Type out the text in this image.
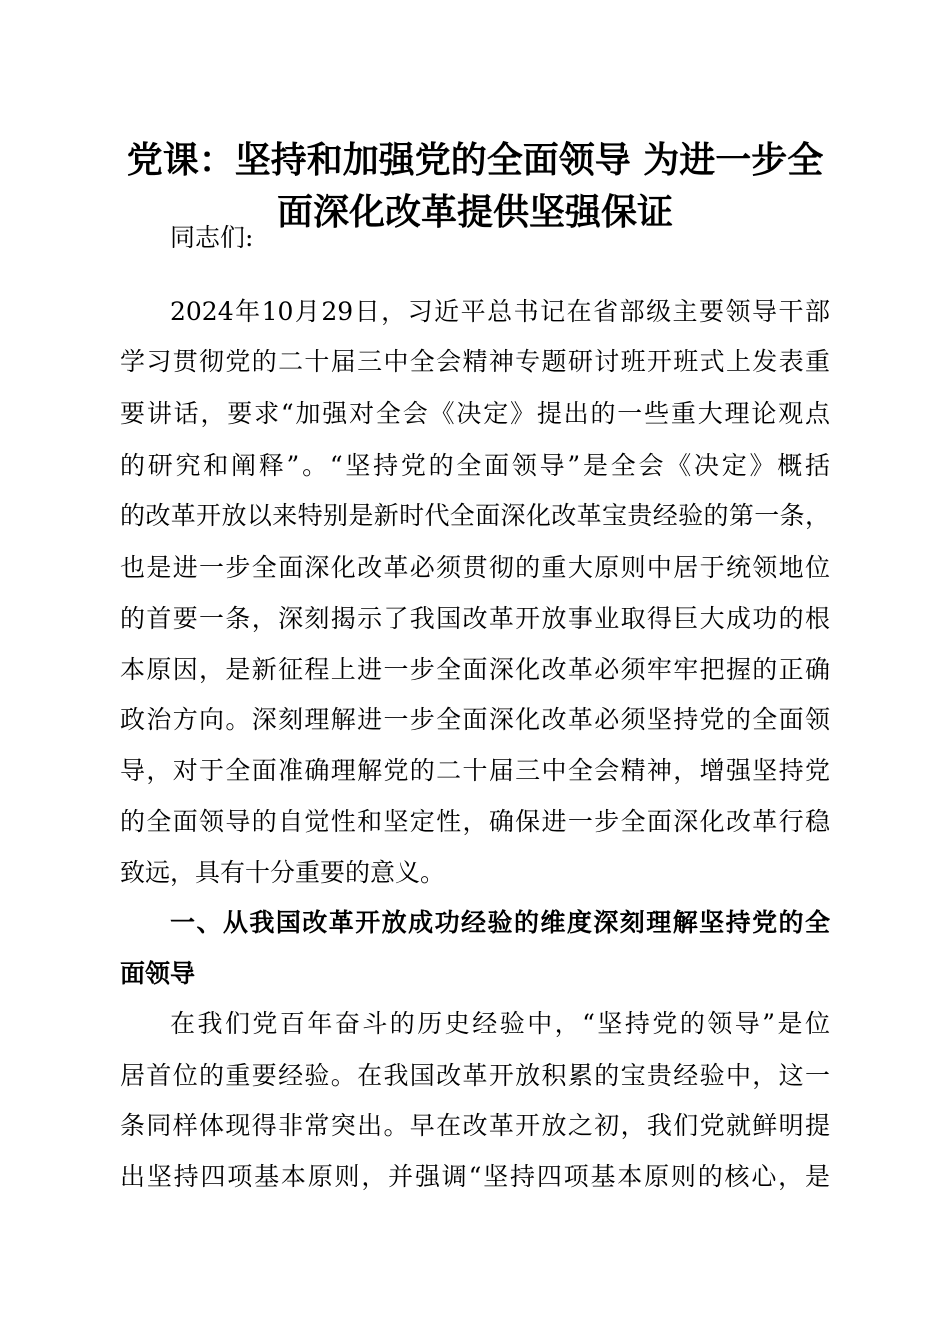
党课：坚持和加强党的全面领导 为进一步全
面深化改革提供坚强保证
同志们:
2024年10月29日，习近平总书记在省部级主要领导干部
学习贯彻党的二十届三中全会精神专题研讨班开班式上发表重
要讲话，要求“加强对全会《决定》提出的一些重大理论观点
的研究和阐释”。“坚持党的全面领导”是全会《决定》概括
的改革开放以来特别是新时代全面深化改革宝贵经验的第一条，
也是进一步全面深化改革必须贯彻的重大原则中居于统领地位
的首要一条，深刻揭示了我国改革开放事业取得巨大成功的根
本原因，是新征程上进一步全面深化改革必须牢牢把握的正确
政治方向。深刻理解进一步全面深化改革必须坚持党的全面领
导，对于全面准确理解党的二十届三中全会精神，增强坚持党
的全面领导的自觉性和坚定性，确保进一步全面深化改革行稳
致远，具有十分重要的意义。
一、从我国改革开放成功经验的维度深刻理解坚持党的全
面领导
在我们党百年奋斗的历史经验中，“坚持党的领导”是位
居首位的重要经验。在我国改革开放积累的宝贵经验中，这一
条同样体现得非常突出。早在改革开放之初，我们党就鲜明提
出坚持四项基本原则，并强调“坚持四项基本原则的核心，是
